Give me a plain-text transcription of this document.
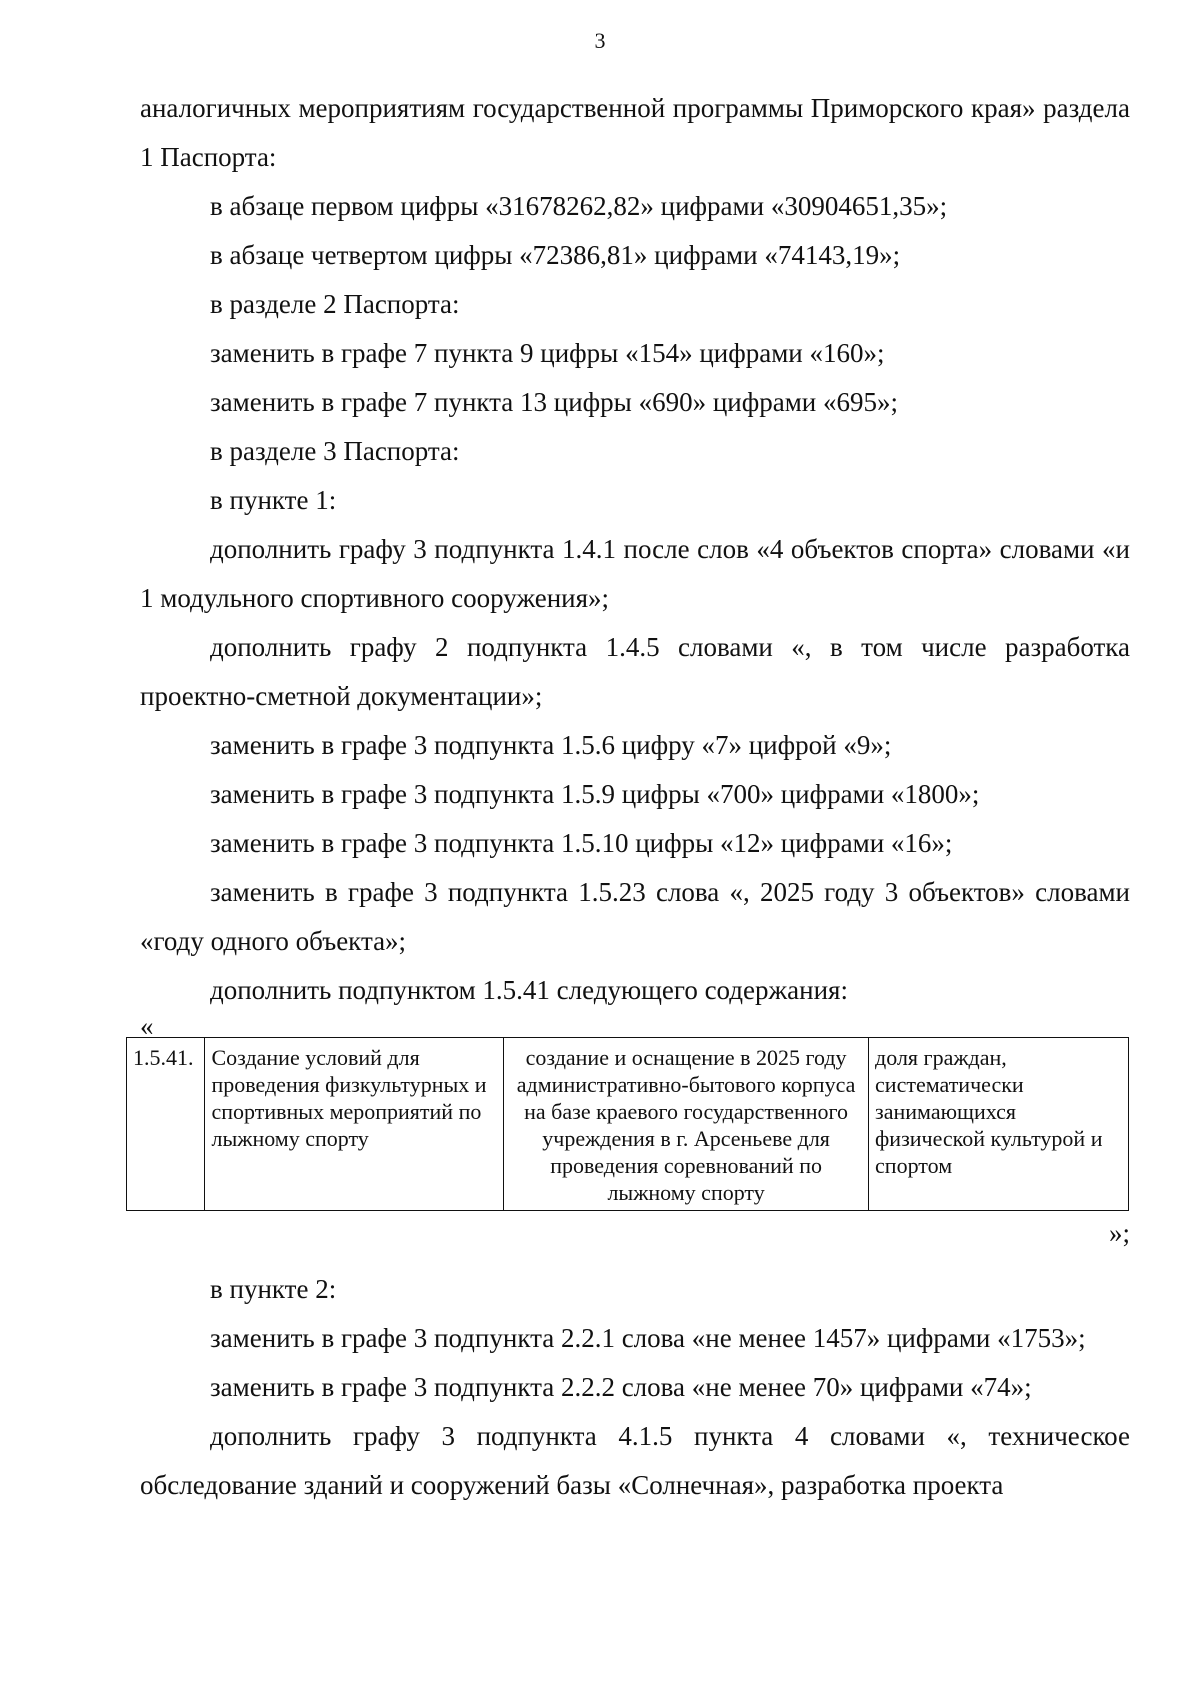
3

аналогичных мероприятиям государственной программы Приморского края» раздела 1 Паспорта:

в абзаце первом цифры «31678262,82» цифрами «30904651,35»;

в абзаце четвертом цифры «72386,81» цифрами «74143,19»;

в разделе 2 Паспорта:

заменить в графе 7 пункта 9 цифры «154» цифрами «160»;

заменить в графе 7 пункта 13 цифры «690» цифрами «695»;

в разделе 3 Паспорта:

в пункте 1:

дополнить графу 3 подпункта 1.4.1 после слов «4 объектов спорта» словами «и 1 модульного спортивного сооружения»;

дополнить графу 2 подпункта 1.4.5 словами «, в том числе разработка проектно-сметной документации»;

заменить в графе 3 подпункта 1.5.6 цифру «7» цифрой «9»;

заменить в графе 3 подпункта 1.5.9 цифры «700» цифрами «1800»;

заменить в графе 3 подпункта 1.5.10 цифры «12» цифрами «16»;

заменить в графе 3 подпункта 1.5.23 слова «, 2025 году 3 объектов» словами «году одного объекта»;

дополнить подпунктом 1.5.41 следующего содержания:

«

1.5.41.	Создание условий для проведения физкультурных и спортивных мероприятий по лыжному спорту	создание и оснащение в 2025 году административно-бытового корпуса на базе краевого государственного учреждения в г. Арсеньеве для проведения соревнований по лыжному спорту	доля граждан, систематически занимающихся физической культурой и спортом

»;

в пункте 2:

заменить в графе 3 подпункта 2.2.1 слова «не менее 1457» цифрами «1753»;

заменить в графе 3 подпункта 2.2.2 слова «не менее 70» цифрами «74»;

дополнить графу 3 подпункта 4.1.5 пункта 4 словами «, техническое обследование зданий и сооружений базы «Солнечная», разработка проекта
